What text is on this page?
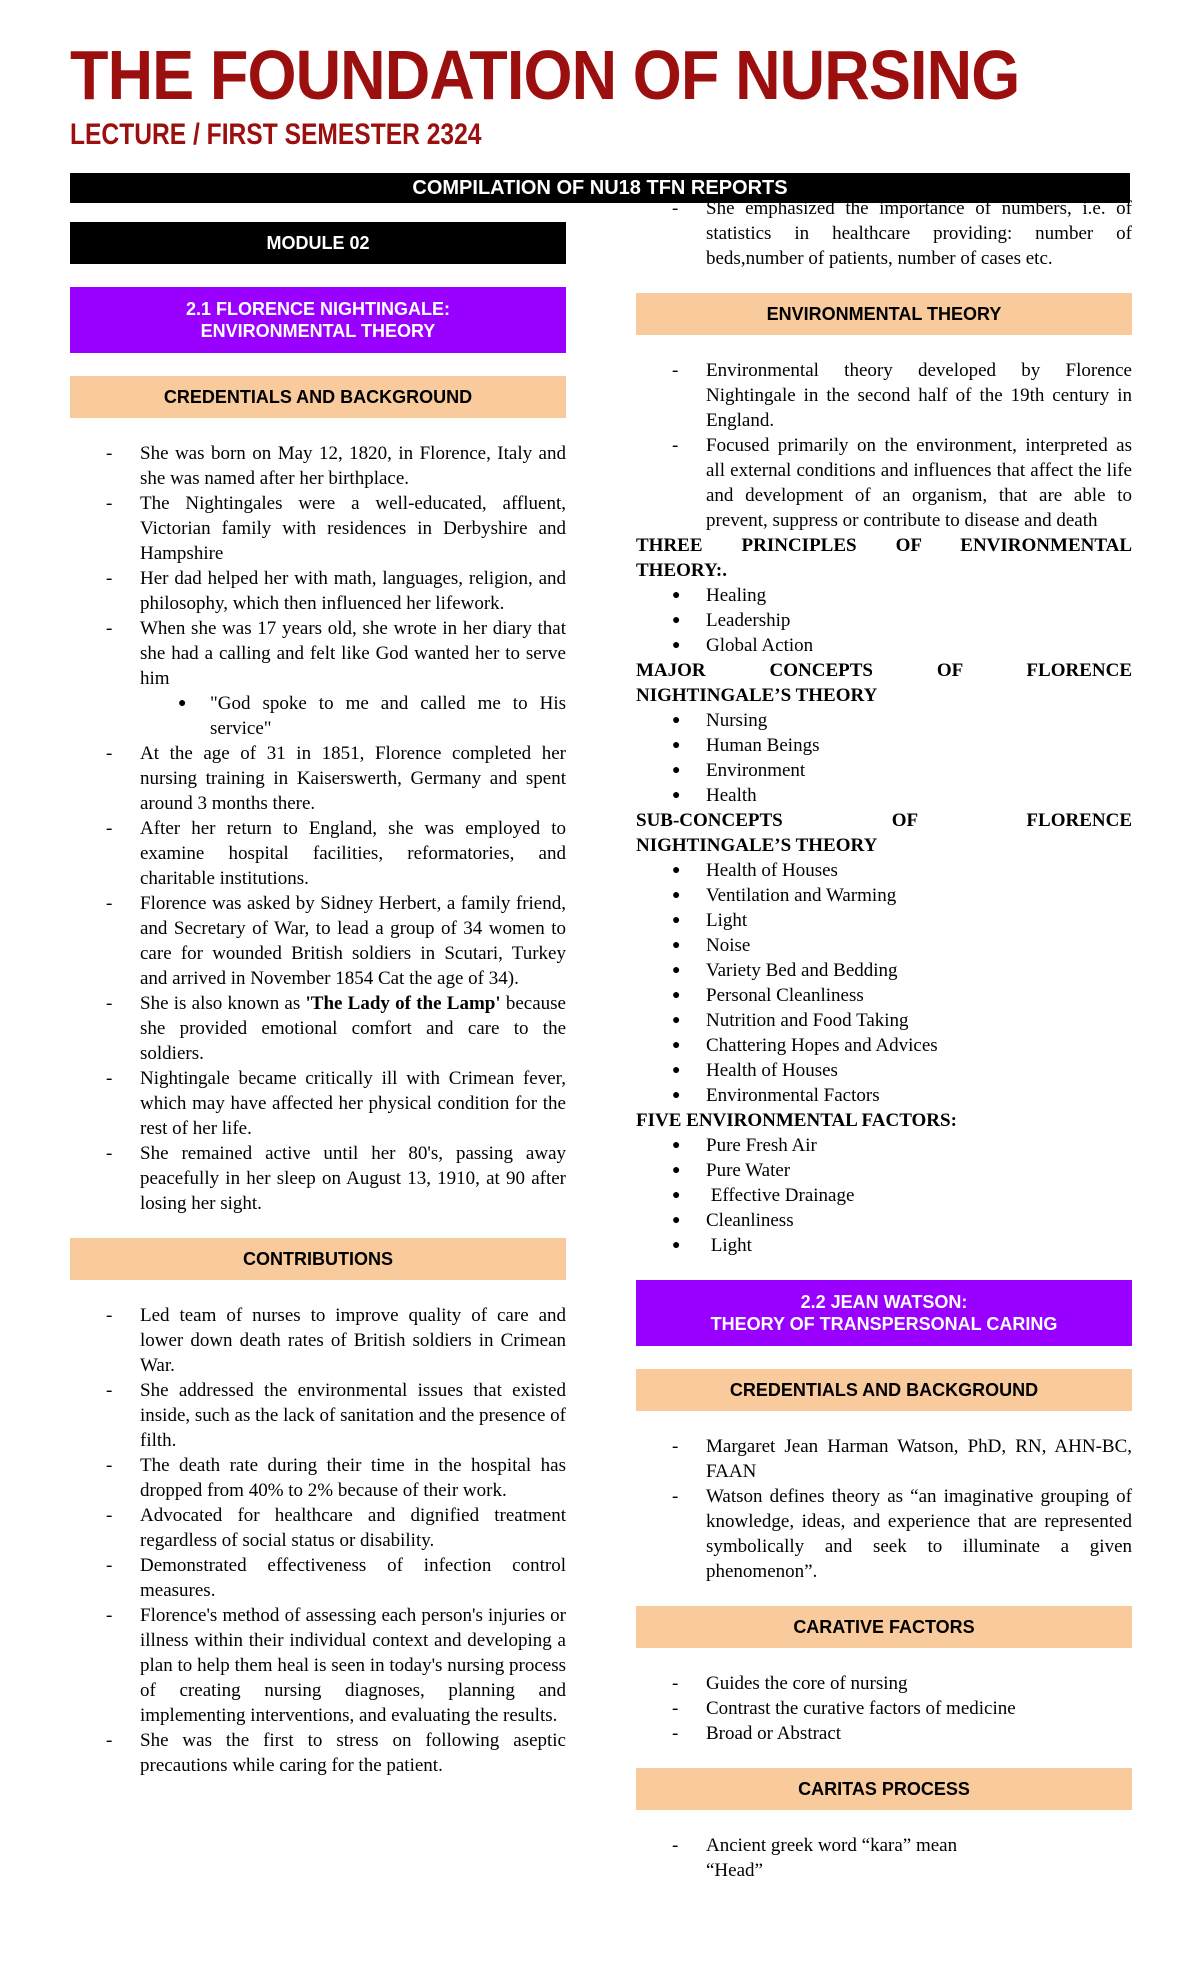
THE FOUNDATION OF NURSING
LECTURE / FIRST SEMESTER 2324
COMPILATION OF NU18 TFN REPORTS
MODULE 02
2.1 FLORENCE NIGHTINGALE:
ENVIRONMENTAL THEORY
CREDENTIALS AND BACKGROUND
- She was born on May 12, 1820, in Florence, Italy and she was named after her birthplace.
- The Nightingales were a well-educated, affluent, Victorian family with residences in Derbyshire and Hampshire
- Her dad helped her with math, languages, religion, and philosophy, which then influenced her lifework.
- When she was 17 years old, she wrote in her diary that she had a calling and felt like God wanted her to serve him
● "God spoke to me and called me to His service"
- At the age of 31 in 1851, Florence completed her nursing training in Kaiserswerth, Germany and spent around 3 months there.
- After her return to England, she was employed to examine hospital facilities, reformatories, and charitable institutions.
- Florence was asked by Sidney Herbert, a family friend, and Secretary of War, to lead a group of 34 women to care for wounded British soldiers in Scutari, Turkey and arrived in November 1854 Cat the age of 34).
- She is also known as 'The Lady of the Lamp' because she provided emotional comfort and care to the soldiers.
- Nightingale became critically ill with Crimean fever, which may have affected her physical condition for the rest of her life.
- She remained active until her 80's, passing away peacefully in her sleep on August 13, 1910, at 90 after losing her sight.
CONTRIBUTIONS
- Led team of nurses to improve quality of care and lower down death rates of British soldiers in Crimean War.
- She addressed the environmental issues that existed inside, such as the lack of sanitation and the presence of filth.
- The death rate during their time in the hospital has dropped from 40% to 2% because of their work.
- Advocated for healthcare and dignified treatment regardless of social status or disability.
- Demonstrated effectiveness of infection control measures.
- Florence's method of assessing each person's injuries or illness within their individual context and developing a plan to help them heal is seen in today's nursing process of creating nursing diagnoses, planning and implementing interventions, and evaluating the results.
- She was the first to stress on following aseptic precautions while caring for the patient.
- She emphasized the importance of numbers, i.e. of statistics in healthcare providing: number of beds,number of patients, number of cases etc.
ENVIRONMENTAL THEORY
- Environmental theory developed by Florence Nightingale in the second half of the 19th century in England.
- Focused primarily on the environment, interpreted as all external conditions and influences that affect the life and development of an organism, that are able to prevent, suppress or contribute to disease and death
THREE PRINCIPLES OF ENVIRONMENTAL
THEORY:.
● Healing
● Leadership
● Global Action
MAJOR CONCEPTS OF FLORENCE
NIGHTINGALE’S THEORY
● Nursing
● Human Beings
● Environment
● Health
SUB-CONCEPTS OF FLORENCE
NIGHTINGALE’S THEORY
● Health of Houses
● Ventilation and Warming
● Light
● Noise
● Variety Bed and Bedding
● Personal Cleanliness
● Nutrition and Food Taking
● Chattering Hopes and Advices
● Health of Houses
● Environmental Factors
FIVE ENVIRONMENTAL FACTORS:
● Pure Fresh Air
● Pure Water
●  Effective Drainage
● Cleanliness
●  Light
2.2 JEAN WATSON:
THEORY OF TRANSPERSONAL CARING
CREDENTIALS AND BACKGROUND
- Margaret Jean Harman Watson, PhD, RN, AHN-BC, FAAN
- Watson defines theory as “an imaginative grouping of knowledge, ideas, and experience that are represented symbolically and seek to illuminate a given phenomenon”.
CARATIVE FACTORS
- Guides the core of nursing
- Contrast the curative factors of medicine
- Broad or Abstract
CARITAS PROCESS
- Ancient greek word “kara” mean
“Head”
